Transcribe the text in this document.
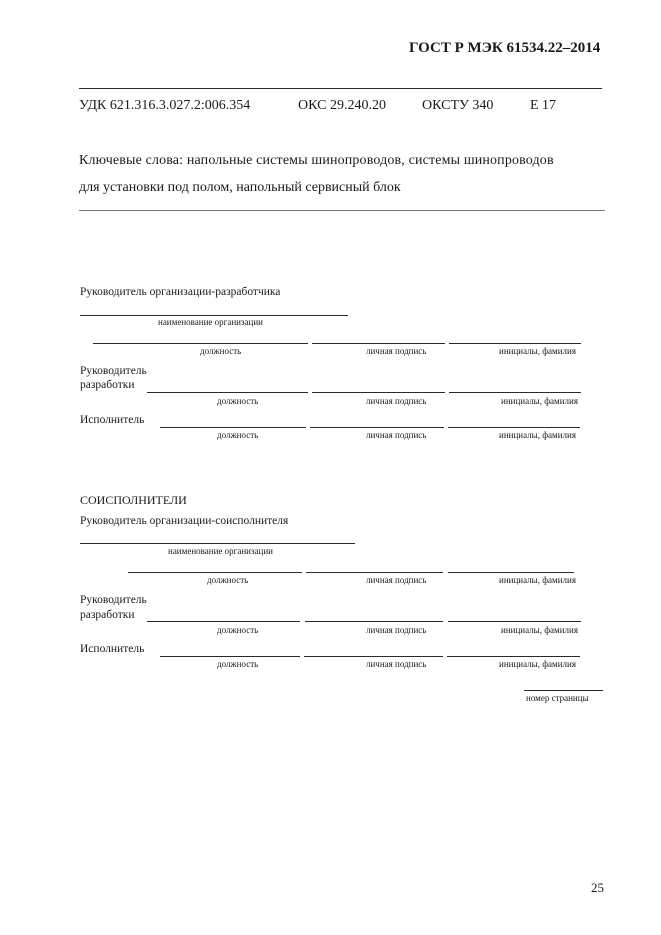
ГОСТ Р МЭК 61534.22–2014
УДК 621.316.3.027.2:006.354	ОКС 29.240.20	ОКСТУ 340	Е 17
Ключевые слова: напольные системы шинопроводов, системы шинопроводов
для установки под полом, напольный сервисный блок
Руководитель организации-разработчика
наименование организации
должность	личная подпись	инициалы, фамилия
Руководитель
разработки
должность	личная подпись	инициалы, фамилия
Исполнитель
должность	личная подпись	инициалы, фамилия
СОИСПОЛНИТЕЛИ
Руководитель организации-соисполнителя
наименование организации
должность	личная подпись	инициалы, фамилия
Руководитель
разработки
должность	личная подпись	инициалы, фамилия
Исполнитель
должность	личная подпись	инициалы, фамилия
номер страницы
25
